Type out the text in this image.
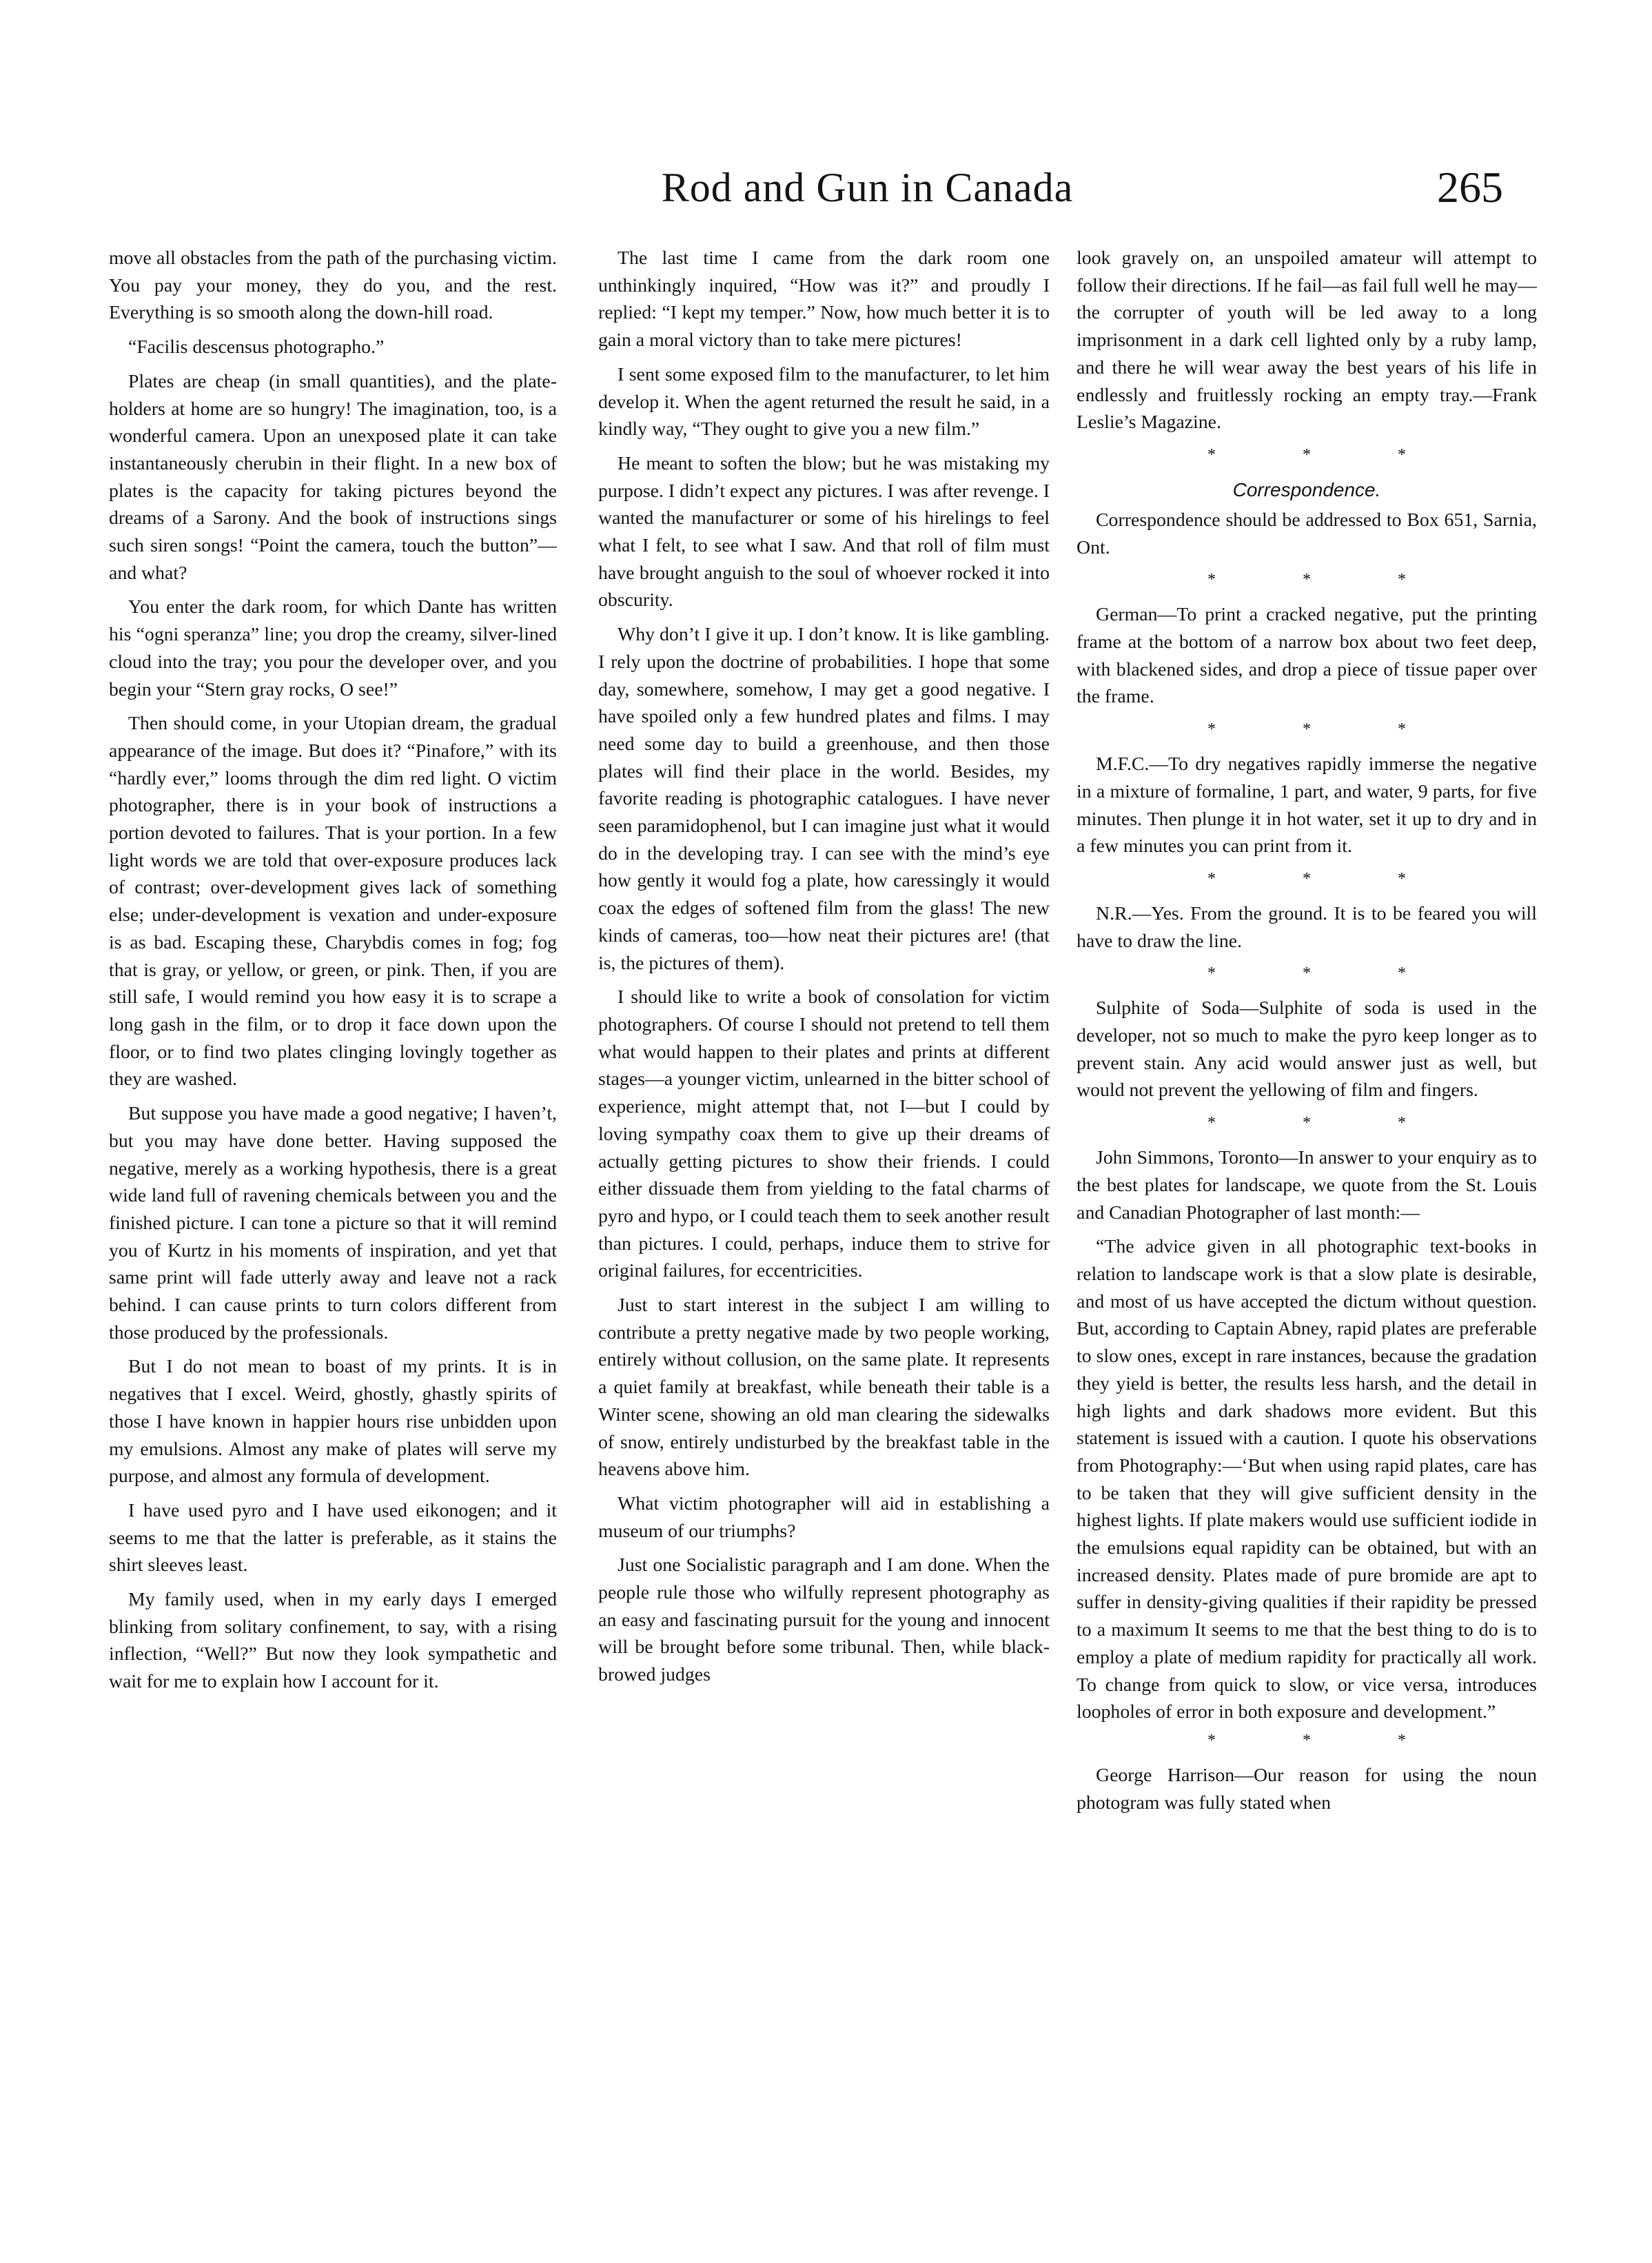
Rod and Gun in Canada	265

move all obstacles from the path of the purchasing victim. You pay your money, they do you, and the rest. Everything is so smooth along the down-hill road.

“Facilis descensus photographo.”

Plates are cheap (in small quantities), and the plate-holders at home are so hungry! The imagination, too, is a wonderful camera. Upon an unexposed plate it can take instantaneously cherubin in their flight. In a new box of plates is the capacity for taking pictures beyond the dreams of a Sarony. And the book of instructions sings such siren songs! “Point the camera, touch the button”—and what?

You enter the dark room, for which Dante has written his “ogni speranza” line; you drop the creamy, silver-lined cloud into the tray; you pour the developer over, and you begin your “Stern gray rocks, O see!”

Then should come, in your Utopian dream, the gradual appearance of the image. But does it? “Pinafore,” with its “hardly ever,” looms through the dim red light. O victim photographer, there is in your book of instructions a portion devoted to failures. That is your portion. In a few light words we are told that over-exposure produces lack of contrast; over-development gives lack of something else; under-development is vexation and under-exposure is as bad. Escaping these, Charybdis comes in fog; fog that is gray, or yellow, or green, or pink. Then, if you are still safe, I would remind you how easy it is to scrape a long gash in the film, or to drop it face down upon the floor, or to find two plates clinging lovingly together as they are washed.

But suppose you have made a good negative; I haven’t, but you may have done better. Having supposed the negative, merely as a working hypothesis, there is a great wide land full of ravening chemicals between you and the finished picture. I can tone a picture so that it will remind you of Kurtz in his moments of inspiration, and yet that same print will fade utterly away and leave not a rack behind. I can cause prints to turn colors different from those produced by the professionals.

But I do not mean to boast of my prints. It is in negatives that I excel. Weird, ghostly, ghastly spirits of those I have known in happier hours rise unbidden upon my emulsions. Almost any make of plates will serve my purpose, and almost any formula of development.

I have used pyro and I have used eikonogen; and it seems to me that the latter is preferable, as it stains the shirt sleeves least.

My family used, when in my early days I emerged blinking from solitary confinement, to say, with a rising inflection, “Well?” But now they look sympathetic and wait for me to explain how I account for it.

The last time I came from the dark room one unthinkingly inquired, “How was it?” and proudly I replied: “I kept my temper.” Now, how much better it is to gain a moral victory than to take mere pictures!

I sent some exposed film to the manufacturer, to let him develop it. When the agent returned the result he said, in a kindly way, “They ought to give you a new film.”

He meant to soften the blow; but he was mistaking my purpose. I didn’t expect any pictures. I was after revenge. I wanted the manufacturer or some of his hirelings to feel what I felt, to see what I saw. And that roll of film must have brought anguish to the soul of whoever rocked it into obscurity.

Why don’t I give it up. I don’t know. It is like gambling. I rely upon the doctrine of probabilities. I hope that some day, somewhere, somehow, I may get a good negative. I have spoiled only a few hundred plates and films. I may need some day to build a greenhouse, and then those plates will find their place in the world. Besides, my favorite reading is photographic catalogues. I have never seen paramidophenol, but I can imagine just what it would do in the developing tray. I can see with the mind’s eye how gently it would fog a plate, how caressingly it would coax the edges of softened film from the glass! The new kinds of cameras, too—how neat their pictures are! (that is, the pictures of them).

I should like to write a book of consolation for victim photographers. Of course I should not pretend to tell them what would happen to their plates and prints at different stages—a younger victim, unlearned in the bitter school of experience, might attempt that, not I—but I could by loving sympathy coax them to give up their dreams of actually getting pictures to show their friends. I could either dissuade them from yielding to the fatal charms of pyro and hypo, or I could teach them to seek another result than pictures. I could, perhaps, induce them to strive for original failures, for eccentricities.

Just to start interest in the subject I am willing to contribute a pretty negative made by two people working, entirely without collusion, on the same plate. It represents a quiet family at breakfast, while beneath their table is a Winter scene, showing an old man clearing the sidewalks of snow, entirely undisturbed by the breakfast table in the heavens above him.

What victim photographer will aid in establishing a museum of our triumphs?

Just one Socialistic paragraph and I am done. When the people rule those who wilfully represent photography as an easy and fascinating pursuit for the young and innocent will be brought before some tribunal. Then, while black-browed judges

look gravely on, an unspoiled amateur will attempt to follow their directions. If he fail—as fail full well he may—the corrupter of youth will be led away to a long imprisonment in a dark cell lighted only by a ruby lamp, and there he will wear away the best years of his life in endlessly and fruitlessly rocking an empty tray.—Frank Leslie’s Magazine.

* * *
Correspondence.

Correspondence should be addressed to Box 651, Sarnia, Ont.

* * *

German—To print a cracked negative, put the printing frame at the bottom of a narrow box about two feet deep, with blackened sides, and drop a piece of tissue paper over the frame.

* * *

M.F.C.—To dry negatives rapidly immerse the negative in a mixture of formaline, 1 part, and water, 9 parts, for five minutes. Then plunge it in hot water, set it up to dry and in a few minutes you can print from it.

* * *

N.R.—Yes. From the ground. It is to be feared you will have to draw the line.

* * *

Sulphite of Soda—Sulphite of soda is used in the developer, not so much to make the pyro keep longer as to prevent stain. Any acid would answer just as well, but would not prevent the yellowing of film and fingers.

* * *

John Simmons, Toronto—In answer to your enquiry as to the best plates for landscape, we quote from the St. Louis and Canadian Photographer of last month:—

“The advice given in all photographic text-books in relation to landscape work is that a slow plate is desirable, and most of us have accepted the dictum without question. But, according to Captain Abney, rapid plates are preferable to slow ones, except in rare instances, because the gradation they yield is better, the results less harsh, and the detail in high lights and dark shadows more evident. But this statement is issued with a caution. I quote his observations from Photography:—‘But when using rapid plates, care has to be taken that they will give sufficient density in the highest lights. If plate makers would use sufficient iodide in the emulsions equal rapidity can be obtained, but with an increased density. Plates made of pure bromide are apt to suffer in density-giving qualities if their rapidity be pressed to a maximum It seems to me that the best thing to do is to employ a plate of medium rapidity for practically all work. To change from quick to slow, or vice versa, introduces loopholes of error in both exposure and development.”

* * *

George Harrison—Our reason for using the noun photogram was fully stated when
